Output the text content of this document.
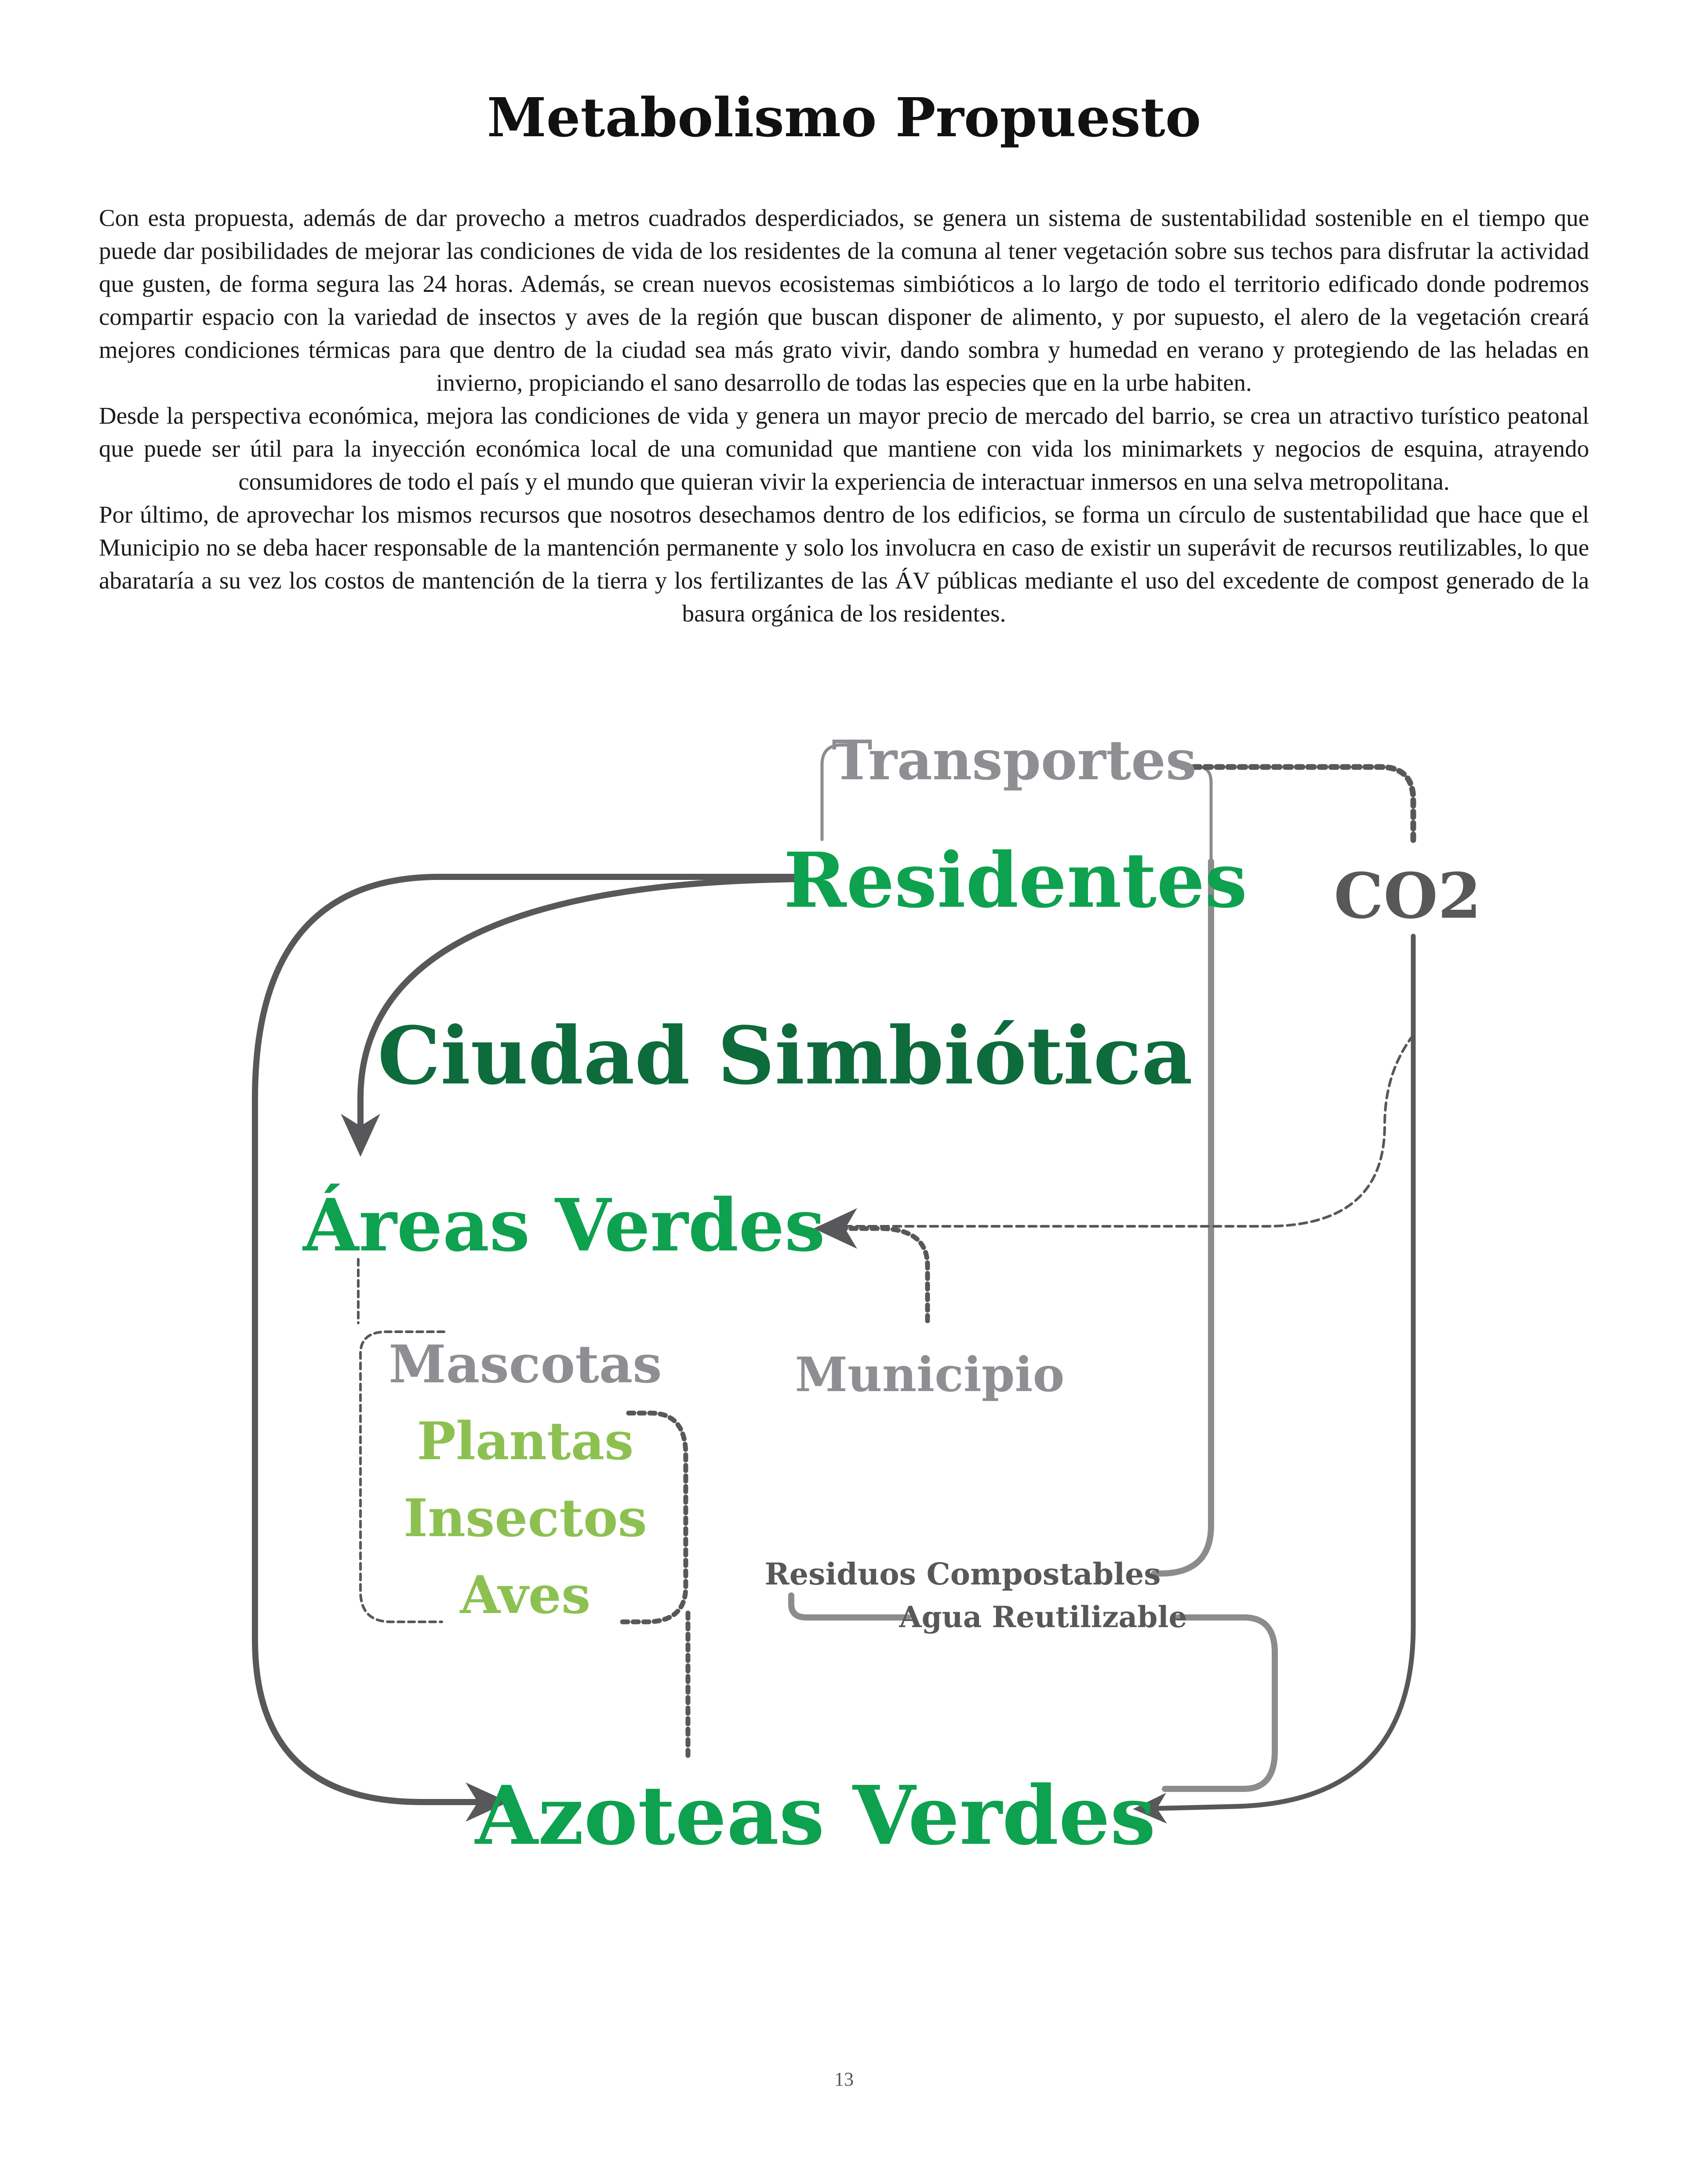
Metabolismo Propuesto

Con esta propuesta, además de dar provecho a metros cuadrados desperdiciados, se genera un sistema de sustentabilidad sostenible en el tiempo que puede dar posibilidades de mejorar las condiciones de vida de los residentes de la comuna al tener vegetación sobre sus techos para disfrutar la actividad que gusten, de forma segura las 24 horas. Además, se crean nuevos ecosistemas simbióticos a lo largo de todo el territorio edificado donde podremos compartir espacio con la variedad de insectos y aves de la región que buscan disponer de alimento, y por supuesto, el alero de la vegetación creará mejores condiciones térmicas para que dentro de la ciudad sea más grato vivir, dando sombra y humedad en verano y protegiendo de las heladas en invierno, propiciando el sano desarrollo de todas las especies que en la urbe habiten.

Desde la perspectiva económica, mejora las condiciones de vida y genera un mayor precio de mercado del barrio, se crea un atractivo turístico peatonal que puede ser útil para la inyección económica local de una comunidad que mantiene con vida los minimarkets y negocios de esquina, atrayendo consumidores de todo el país y el mundo que quieran vivir la experiencia de interactuar inmersos en una selva metropolitana.

Por último, de aprovechar los mismos recursos que nosotros desechamos dentro de los edificios, se forma un círculo de sustentabilidad que hace que el Municipio no se deba hacer responsable de la mantención permanente y solo los involucra en caso de existir un superávit de recursos reutilizables, lo que abarataría a su vez los costos de mantención de la tierra y los fertilizantes de las ÁV públicas mediante el uso del excedente de compost generado de la basura orgánica de los residentes.

Transportes
Residentes CO2
Ciudad Simbiótica
Áreas Verdes
Mascotas	Municipio
Plantas
Insectos
Aves	Residuos Compostables
Agua Reutilizable
Azoteas Verdes
13
